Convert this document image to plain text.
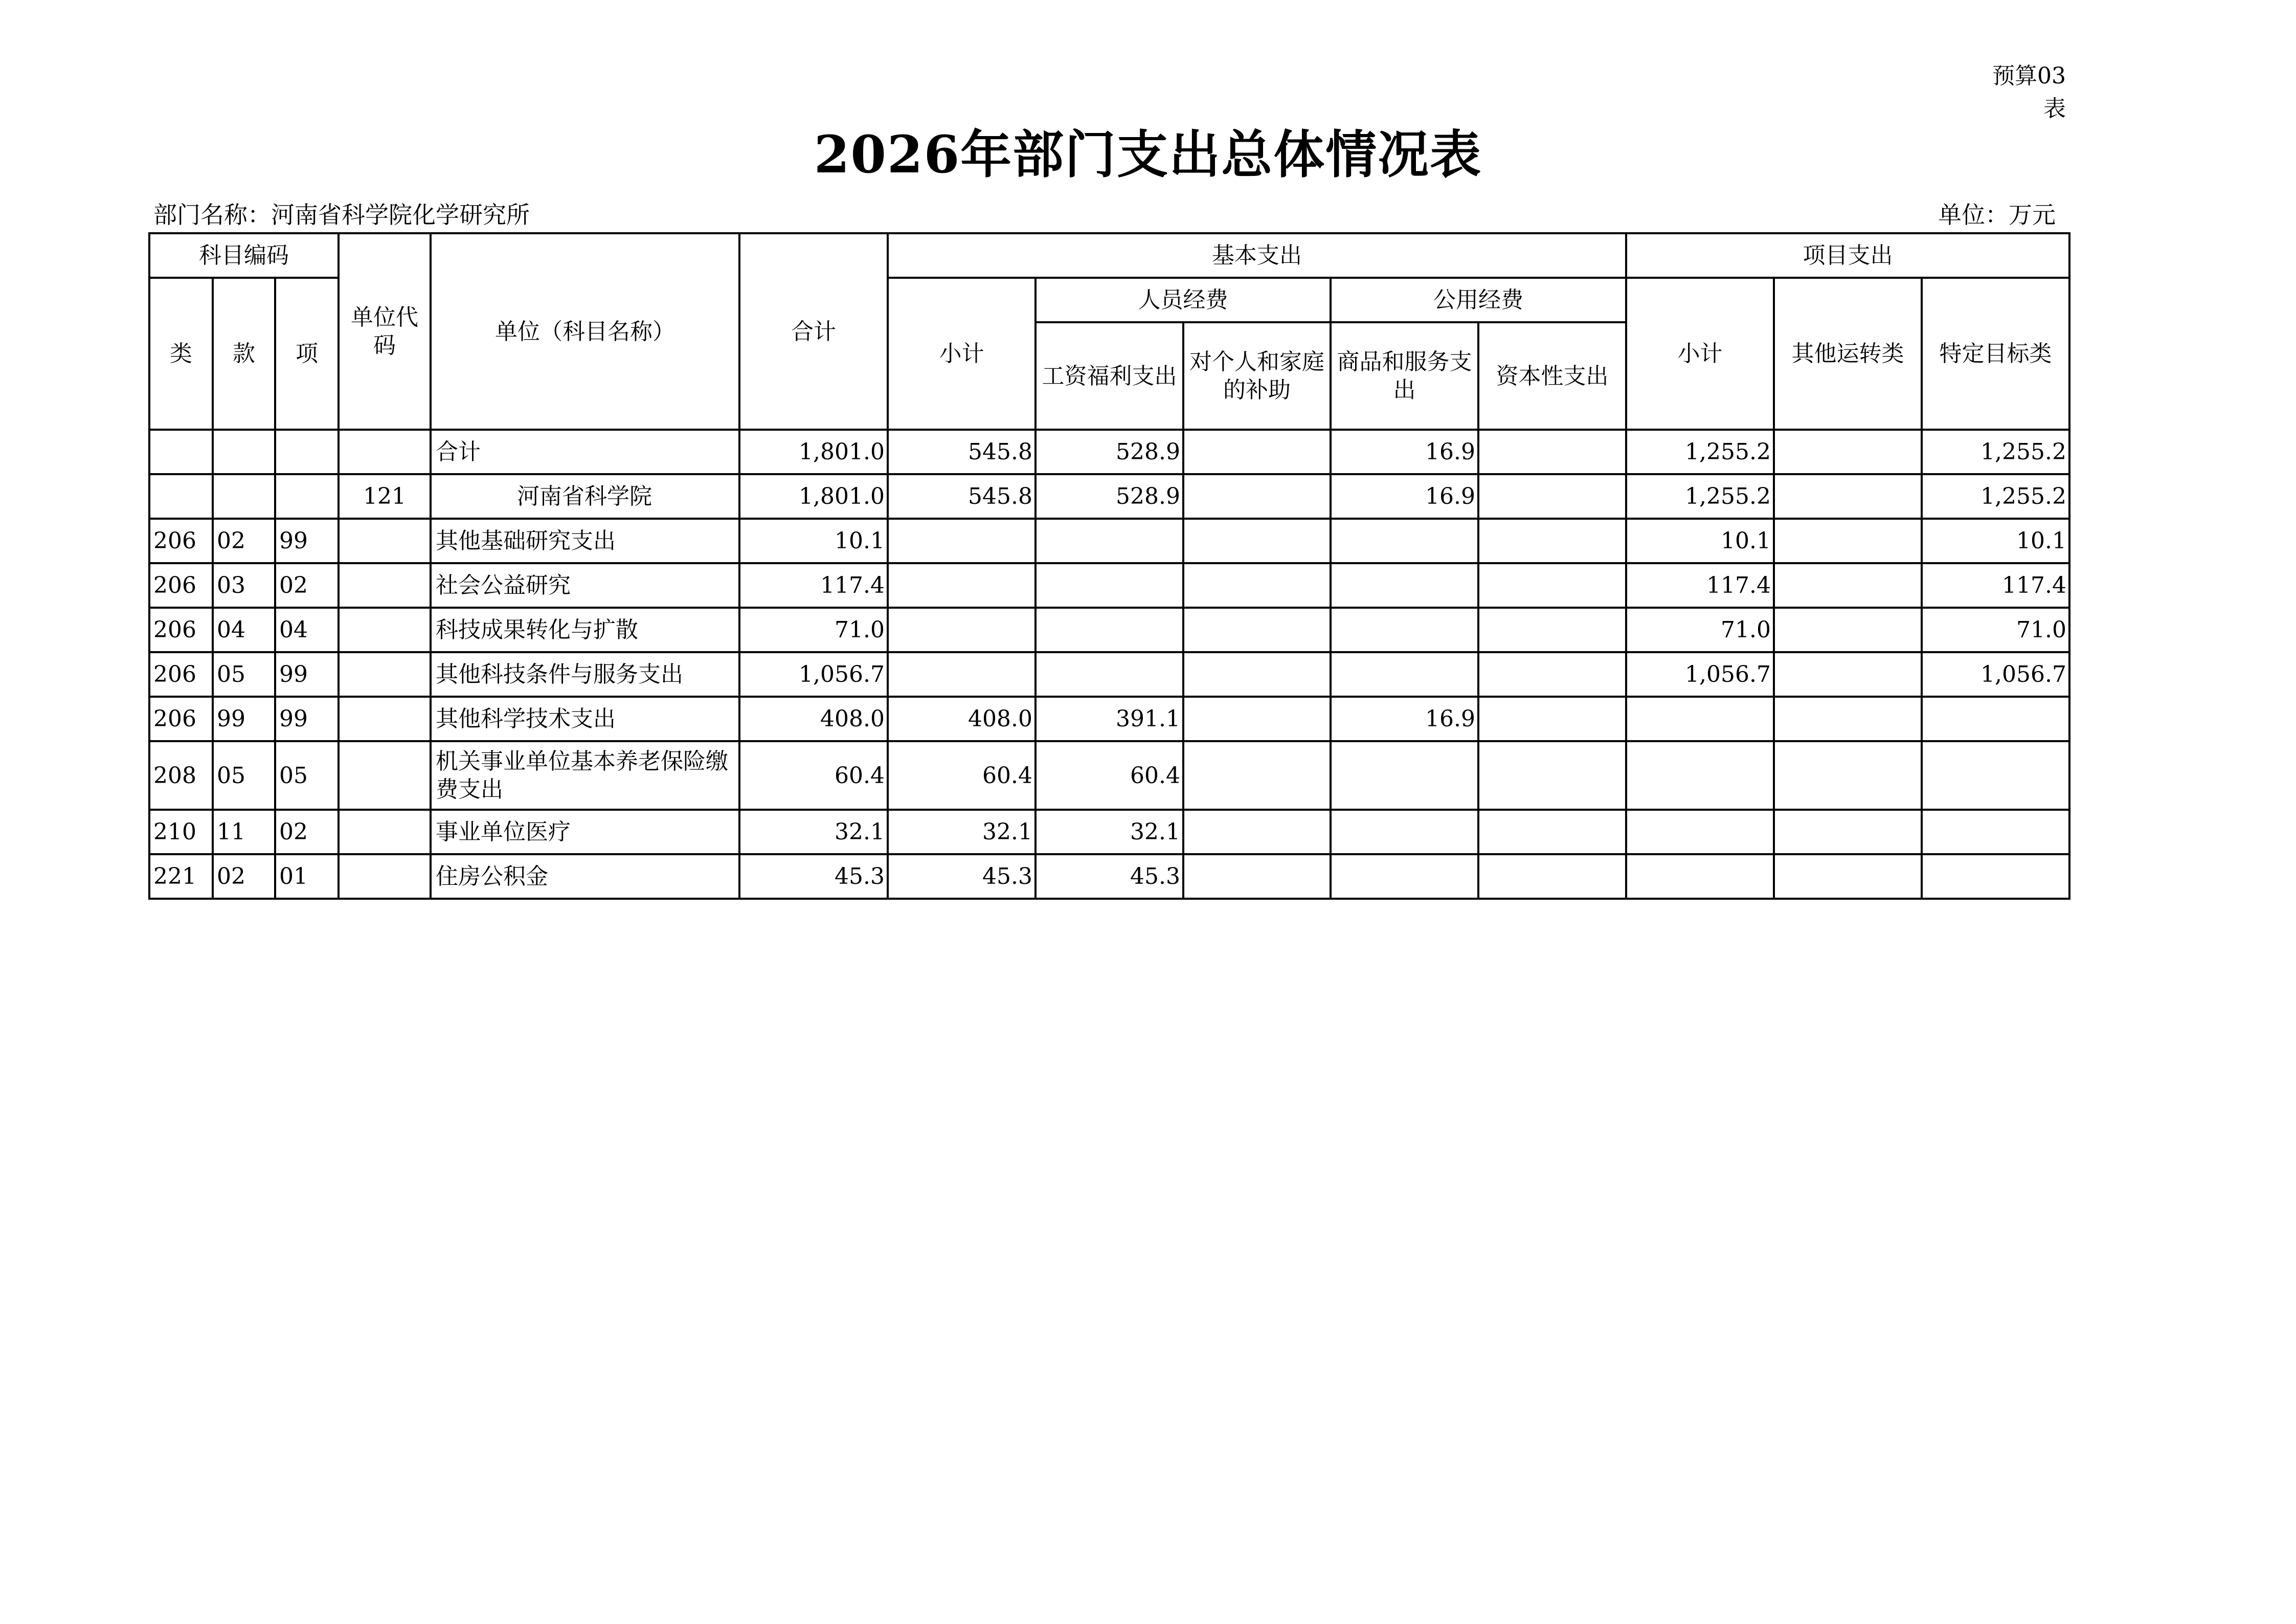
预算03表
2026年部门支出总体情况表
部门名称：河南省科学院化学研究所	单位：万元
科目编码			单位代码	单位（科目名称）	合计	基本支出					项目支出		
类	款	项				小计	人员经费		公用经费		小计	其他运转类	特定目标类
							工资福利支出	对个人和家庭的补助	商品和服务支出	资本性支出			
				合计	1,801.0	545.8	528.9		16.9		1,255.2		1,255.2
			121	河南省科学院	1,801.0	545.8	528.9		16.9		1,255.2		1,255.2
206	02	99		其他基础研究支出	10.1						10.1		10.1
206	03	02		社会公益研究	117.4						117.4		117.4
206	04	04		科技成果转化与扩散	71.0						71.0		71.0
206	05	99		其他科技条件与服务支出	1,056.7						1,056.7		1,056.7
206	99	99		其他科学技术支出	408.0	408.0	391.1		16.9				
208	05	05		机关事业单位基本养老保险缴费支出	60.4	60.4	60.4						
210	11	02		事业单位医疗	32.1	32.1	32.1						
221	02	01		住房公积金	45.3	45.3	45.3						
